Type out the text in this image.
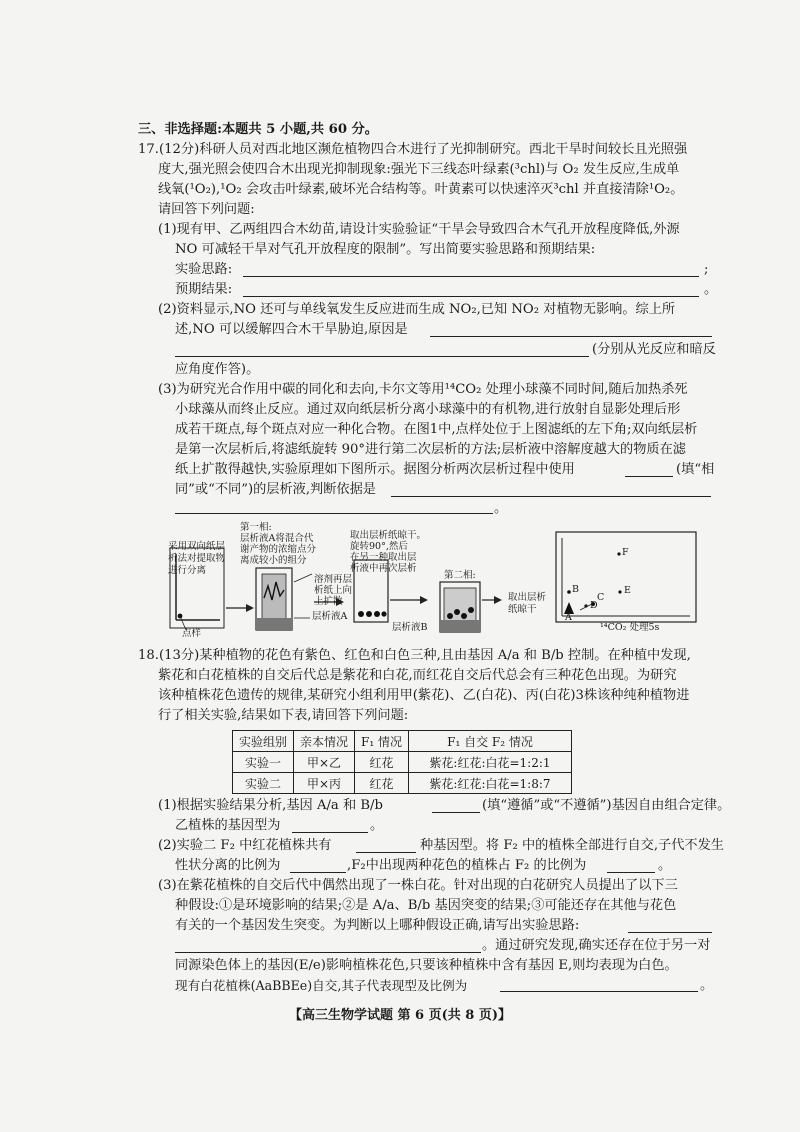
三、非选择题:本题共 5 小题,共 60 分。
17.(12分)科研人员对西北地区濒危植物四合木进行了光抑制研究。西北干旱时间较长且光照强
度大,强光照会使四合木出现光抑制现象:强光下三线态叶绿素(³chl)与 O₂ 发生反应,生成单
线氧(¹O₂),¹O₂ 会攻击叶绿素,破坏光合结构等。叶黄素可以快速淬灭³chl 并直接清除¹O₂。
请回答下列问题:
(1)现有甲、乙两组四合木幼苗,请设计实验验证“干旱会导致四合木气孔开放程度降低,外源
NO 可减轻干旱对气孔开放程度的限制”。写出简要实验思路和预期结果:
实验思路:	;
预期结果:	。
(2)资料显示,NO 还可与单线氧发生反应进而生成 NO₂,已知 NO₂ 对植物无影响。综上所
述,NO 可以缓解四合木干旱胁迫,原因是
(分别从光反应和暗反
应角度作答)。
(3)为研究光合作用中碳的同化和去向,卡尔文等用¹⁴CO₂ 处理小球藻不同时间,随后加热杀死
小球藻从而终止反应。通过双向纸层析分离小球藻中的有机物,进行放射自显影处理后形
成若干斑点,每个斑点对应一种化合物。在图1中,点样处位于上图滤纸的左下角;双向纸层析
是第一次层析后,将滤纸旋转 90°进行第二次层析的方法;层析液中溶解度越大的物质在滤
纸上扩散得越快,实验原理如下图所示。据图分析两次层析过程中使用	(填“相
同”或“不同”)的层析液,判断依据是
。
采用双向纸层
析法对提取物
进行分离
点样
第一相:
层析液A将混合代
谢产物的浓缩点分
离成较小的组分
溶剂再层
析纸上向
上扩散
层析液A
取出层析纸晾干。
旋转90°,然后
在另一种取出层
析液中再次层析
第二相:
层析液B
取出层析
纸晾干
F
B	E
C
D
A
¹⁴CO₂ 处理5s
18.(13分)某种植物的花色有紫色、红色和白色三种,且由基因 A/a 和 B/b 控制。在种植中发现,
紫花和白花植株的自交后代总是紫花和白花,而红花自交后代总会有三种花色出现。为研究
该种植株花色遗传的规律,某研究小组利用甲(紫花)、乙(白花)、丙(白花)3株该种纯种植物进
行了相关实验,结果如下表,请回答下列问题:
实验组别	亲本情况	F₁ 情况	F₁ 自交 F₂ 情况
实验一	甲×乙	红花	紫花:红花:白花=1:2:1
实验二	甲×丙	红花	紫花:红花:白花=1:8:7
(1)根据实验结果分析,基因 A/a 和 B/b	(填“遵循”或“不遵循”)基因自由组合定律。
乙植株的基因型为	。
(2)实验二 F₂ 中红花植株共有	种基因型。将 F₂ 中的植株全部进行自交,子代不发生
性状分离的比例为	,F₂中出现两种花色的植株占 F₂ 的比例为	。
(3)在紫花植株的自交后代中偶然出现了一株白花。针对出现的白花研究人员提出了以下三
种假设:①是环境影响的结果;②是 A/a、B/b 基因突变的结果;③可能还存在其他与花色
有关的一个基因发生突变。为判断以上哪种假设正确,请写出实验思路:
。通过研究发现,确实还存在位于另一对
同源染色体上的基因(E/e)影响植株花色,只要该种植株中含有基因 E,则均表现为白色。
现有白花植株(AaBBEe)自交,其子代表现型及比例为	。
【高三生物学试题 第 6 页(共 8 页)】
